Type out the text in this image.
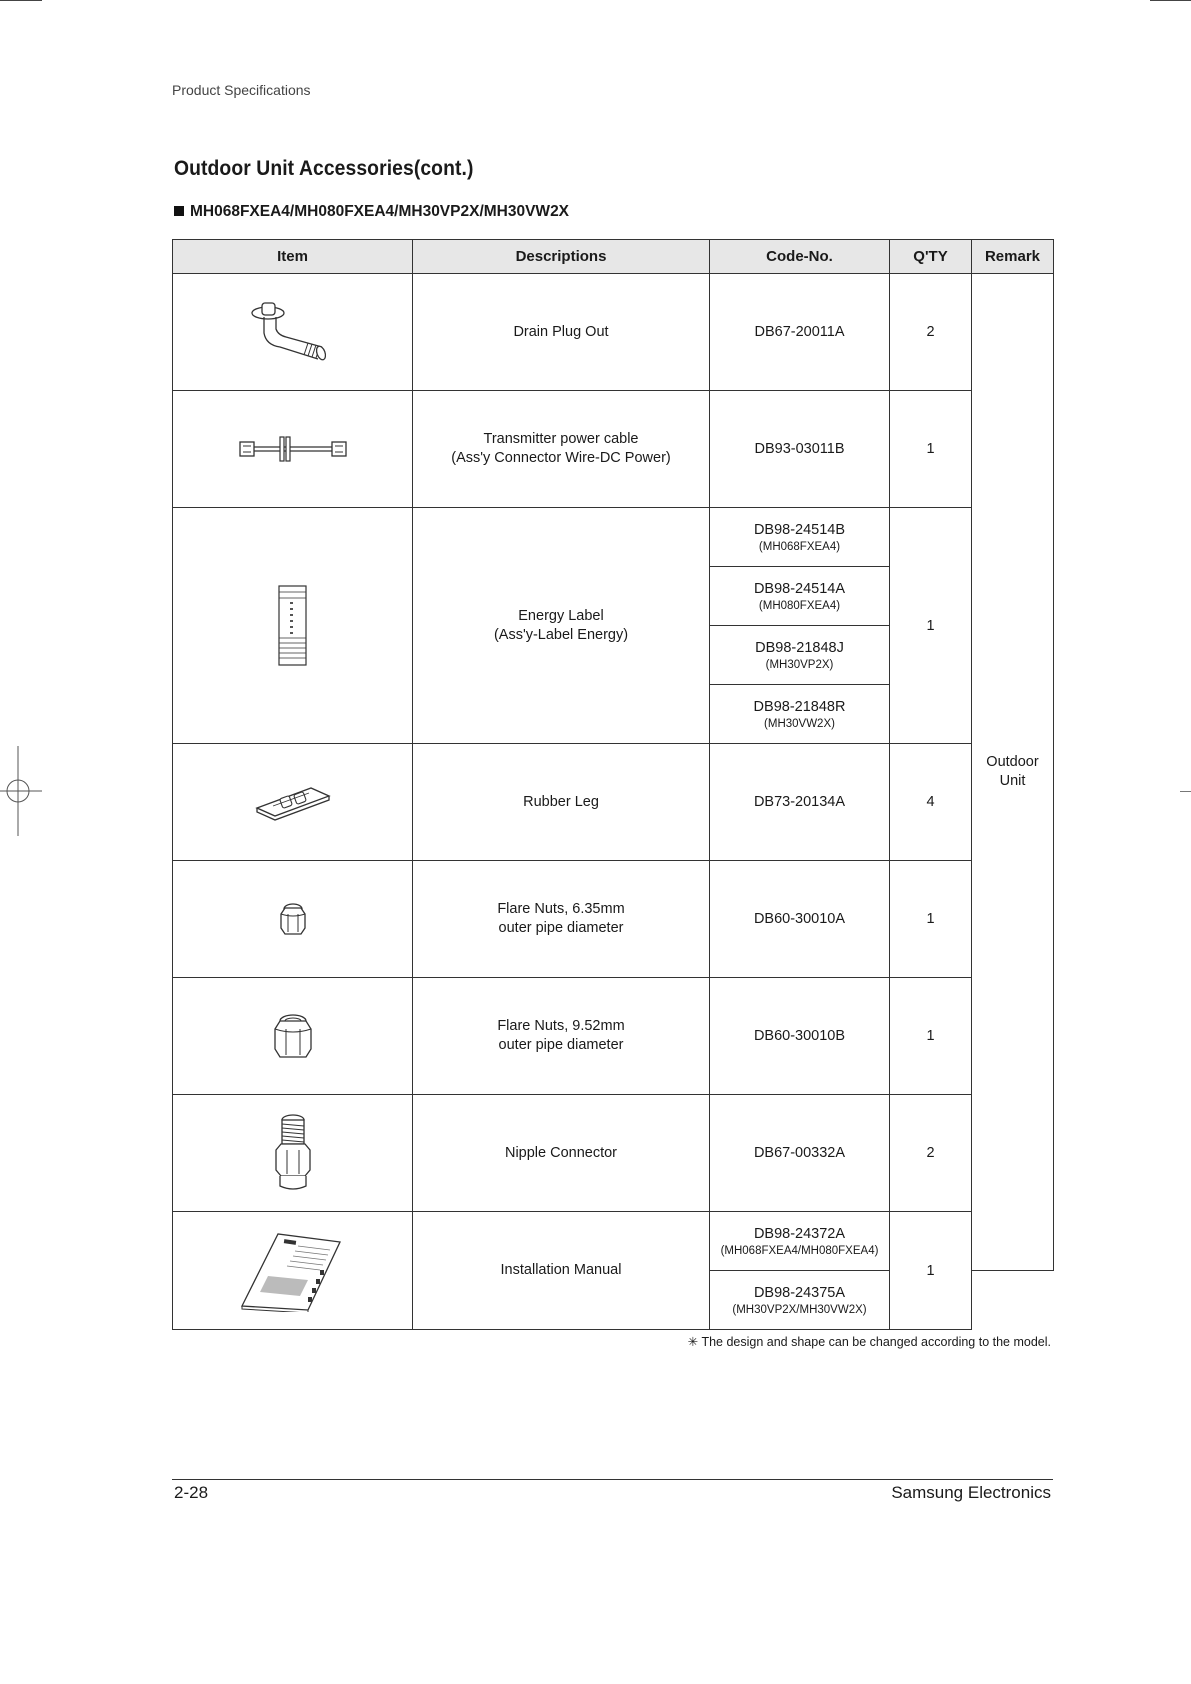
Product Specifications
Outdoor Unit Accessories(cont.)
MH068FXEA4/MH080FXEA4/MH30VP2X/MH30VW2X
Item	Descriptions	Code-No.	Q'TY	Remark

	Drain Plug Out	DB67-20011A	2	Outdoor
Unit

	Transmitter power cable
(Ass'y Connector Wire-DC Power)	DB93-03011B	1	

	Energy Label
(Ass'y-Label Energy)	DB98-24514B
(MH068FXEA4)	1	
		DB98-24514A
(MH080FXEA4)		

		DB98-21848J
(MH30VP2X)		

		DB98-21848R
(MH30VW2X)		

	Rubber Leg	DB73-20134A	4	

	Flare Nuts, 6.35mm
outer pipe diameter	DB60-30010A	1	

	Flare Nuts, 9.52mm
outer pipe diameter	DB60-30010B	1	

	Nipple Connector	DB67-00332A	2	

	Installation Manual	DB98-24372A
(MH068FXEA4/MH080FXEA4)	1	
		DB98-24375A
(MH30VP2X/MH30VW2X)		
✳ The design and shape can be changed according to the model.
2-28	Samsung Electronics
